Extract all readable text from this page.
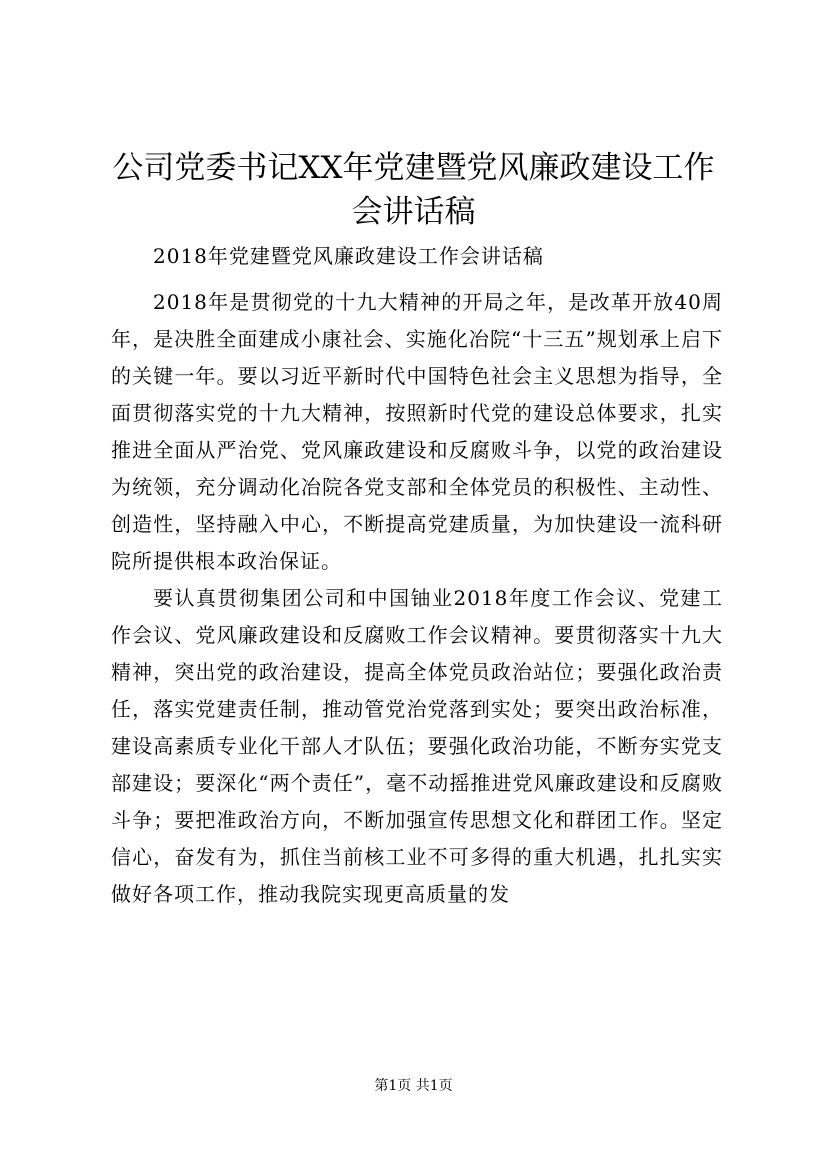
公司党委书记XX年党建暨党风廉政建设工作会讲话稿

2018年党建暨党风廉政建设工作会讲话稿

2018年是贯彻党的十九大精神的开局之年，是改革开放40周年，是决胜全面建成小康社会、实施化冶院“十三五”规划承上启下的关键一年。要以习近平新时代中国特色社会主义思想为指导，全面贯彻落实党的十九大精神，按照新时代党的建设总体要求，扎实推进全面从严治党、党风廉政建设和反腐败斗争，以党的政治建设为统领，充分调动化冶院各党支部和全体党员的积极性、主动性、创造性，坚持融入中心，不断提高党建质量，为加快建设一流科研院所提供根本政治保证。

要认真贯彻集团公司和中国铀业2018年度工作会议、党建工作会议、党风廉政建设和反腐败工作会议精神。要贯彻落实十九大精神，突出党的政治建设，提高全体党员政治站位；要强化政治责任，落实党建责任制，推动管党治党落到实处；要突出政治标准，建设高素质专业化干部人才队伍；要强化政治功能，不断夯实党支部建设；要深化“两个责任”，毫不动摇推进党风廉政建设和反腐败斗争；要把准政治方向，不断加强宣传思想文化和群团工作。坚定信心，奋发有为，抓住当前核工业不可多得的重大机遇，扎扎实实做好各项工作，推动我院实现更高质量的发

第1页 共1页
